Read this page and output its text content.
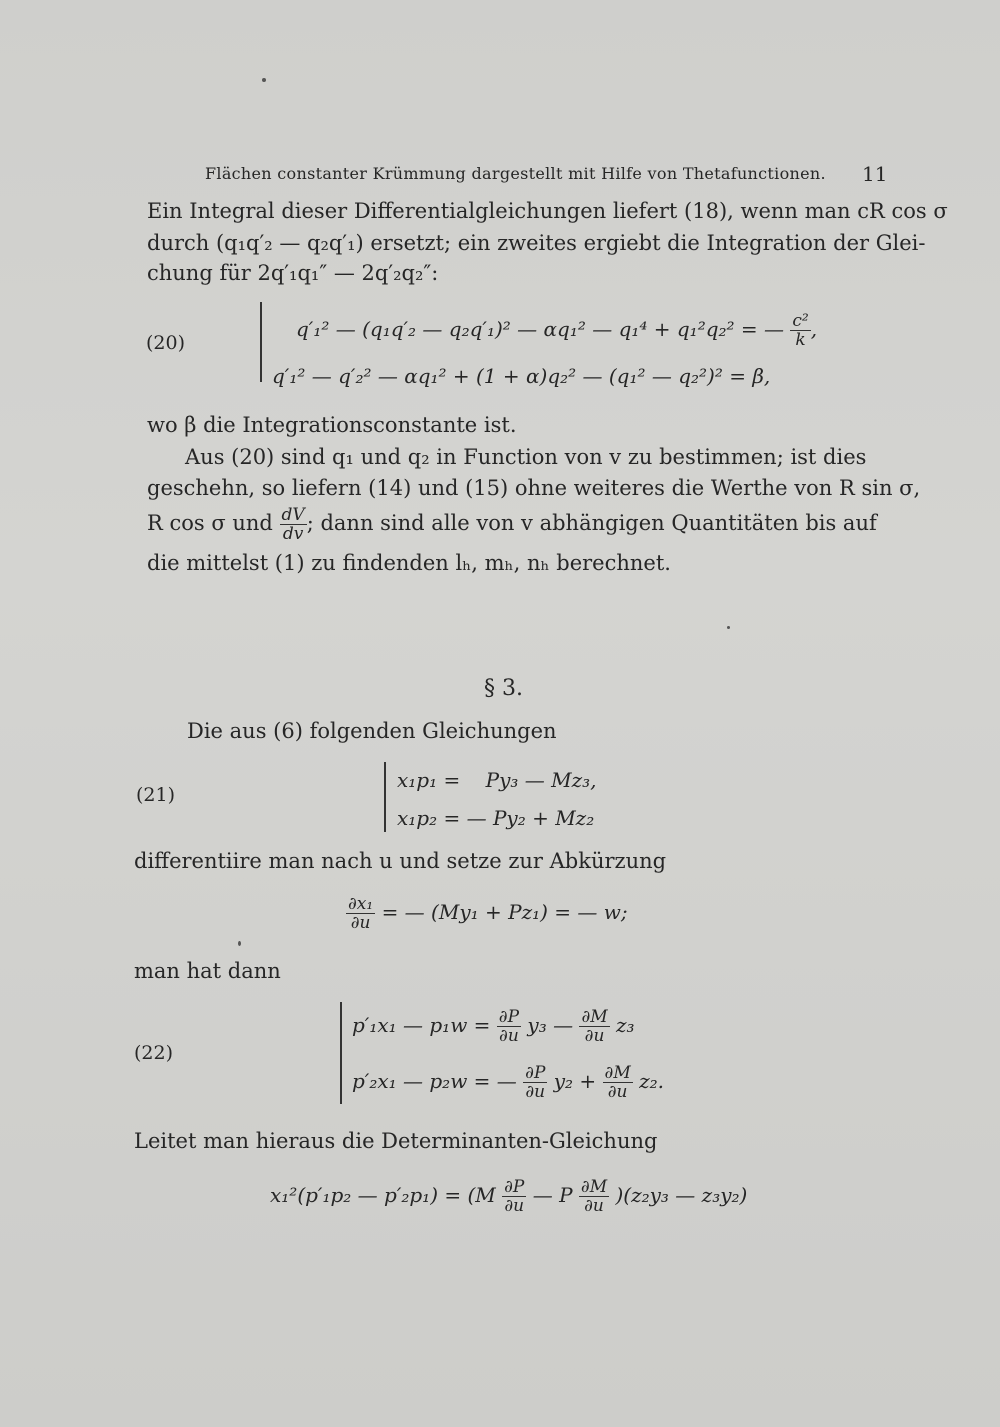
Flächen constanter Krümmung dargestellt mit Hilfe von Thetafunctionen. 11
Ein Integral dieser Differentialgleichungen liefert (18), wenn man cR cos σ
durch (q₁q′₂ — q₂q′₁) ersetzt; ein zweites ergiebt die Integration der Glei-
chung für 2q′₁q₁″ — 2q′₂q₂″:
(20)
q′₁² — (q₁q′₂ — q₂q′₁)² — αq₁² — q₁⁴ + q₁²q₂² = — $\frac{\text{c²}}{k}$ ,
q′₁² — q′₂² — αq₁² + (1 + α)q₂² — (q₁² — q₂²)² = β,
wo β die Integrationsconstante ist.
Aus (20) sind q₁ und q₂ in Function von v zu bestimmen; ist dies
geschehn, so liefern (14) und (15) ohne weiteres die Werthe von R sin σ,
R cos σ und $\frac{dV}{dv}$ ; dann sind alle von v abhängigen Quantitäten bis auf
die mittelst (1) zu findenden lₕ, mₕ, nₕ berechnet.
§ 3.
Die aus (6) folgenden Gleichungen
(21)
x₁p₁ =    Py₃ — Mz₃,
x₁p₂ = — Py₂ + Mz₂
differentiire man nach u und setze zur Abkürzung
$\frac{\text{∂x₁}}{\partial u}$ = — (My₁ + Pz₁) = — w;
man hat dann
(22)
p′₁x₁ — $p_1w = \frac{\partial P}{\partial u} y_3$ — $\frac{\partial M}{\partial u} z_3$
p′₂x₁ — p₂w = — $\frac{\partial P}{\partial u} y_2 + \frac{\partial M}{\partial u} z_2$.
Leitet man hieraus die Determinanten-Gleichung
x₁²(p′₁p₂ — $p'_2p_1) = (M \frac{\partial P}{\partial u}$ — P $\frac{\partial M}{\partial u} )(z_2y_3$ — z₃y₂)
